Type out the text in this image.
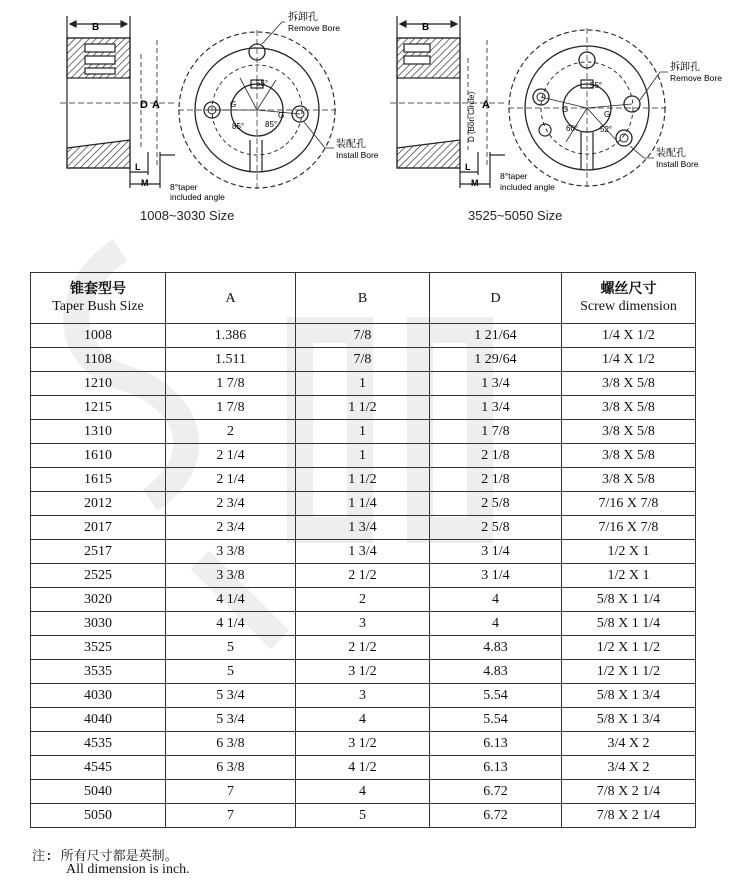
B
D A
L
M	8°taper
included angle
55°
85°	85°
G
G
拆卸孔
Remove Bore
装配孔
Install Bore
B
D (Bon Circle) A
L
M
8°taper
included angle
55°
60°	52°
G
G
拆卸孔
Remove Bore
装配孔
Install Bore
1008~3030 Size	3525~5050 Size
锥套型号
Taper Bush Size	A	B	D	螺丝尺寸
Screw dimension

1008	1.386	7/8	1 21/64	1/4 X 1/2
1108	1.511	7/8	1 29/64	1/4 X 1/2
1210	1 7/8	1	1 3/4	3/8 X 5/8
1215	1 7/8	1 1/2	1 3/4	3/8 X 5/8
1310	2	1	1 7/8	3/8 X 5/8
1610	2 1/4	1	2 1/8	3/8 X 5/8
1615	2 1/4	1 1/2	2 1/8	3/8 X 5/8
2012	2 3/4	1 1/4	2 5/8	7/16 X 7/8
2017	2 3/4	1 3/4	2 5/8	7/16 X 7/8
2517	3 3/8	1 3/4	3 1/4	1/2 X 1
2525	3 3/8	2 1/2	3 1/4	1/2 X 1
3020	4 1/4	2	4	5/8 X 1 1/4
3030	4 1/4	3	4	5/8 X 1 1/4
3525	5	2 1/2	4.83	1/2 X 1 1/2
3535	5	3 1/2	4.83	1/2 X 1 1/2
4030	5 3/4	3	5.54	5/8 X 1 3/4
4040	5 3/4	4	5.54	5/8 X 1 3/4
4535	6 3/8	3 1/2	6.13	3/4 X 2
4545	6 3/8	4 1/2	6.13	3/4 X 2
5040	7	4	6.72	7/8 X 2 1/4
5050	7	5	6.72	7/8 X 2 1/4
注: 所有尺寸都是英制。
All dimension is inch.
